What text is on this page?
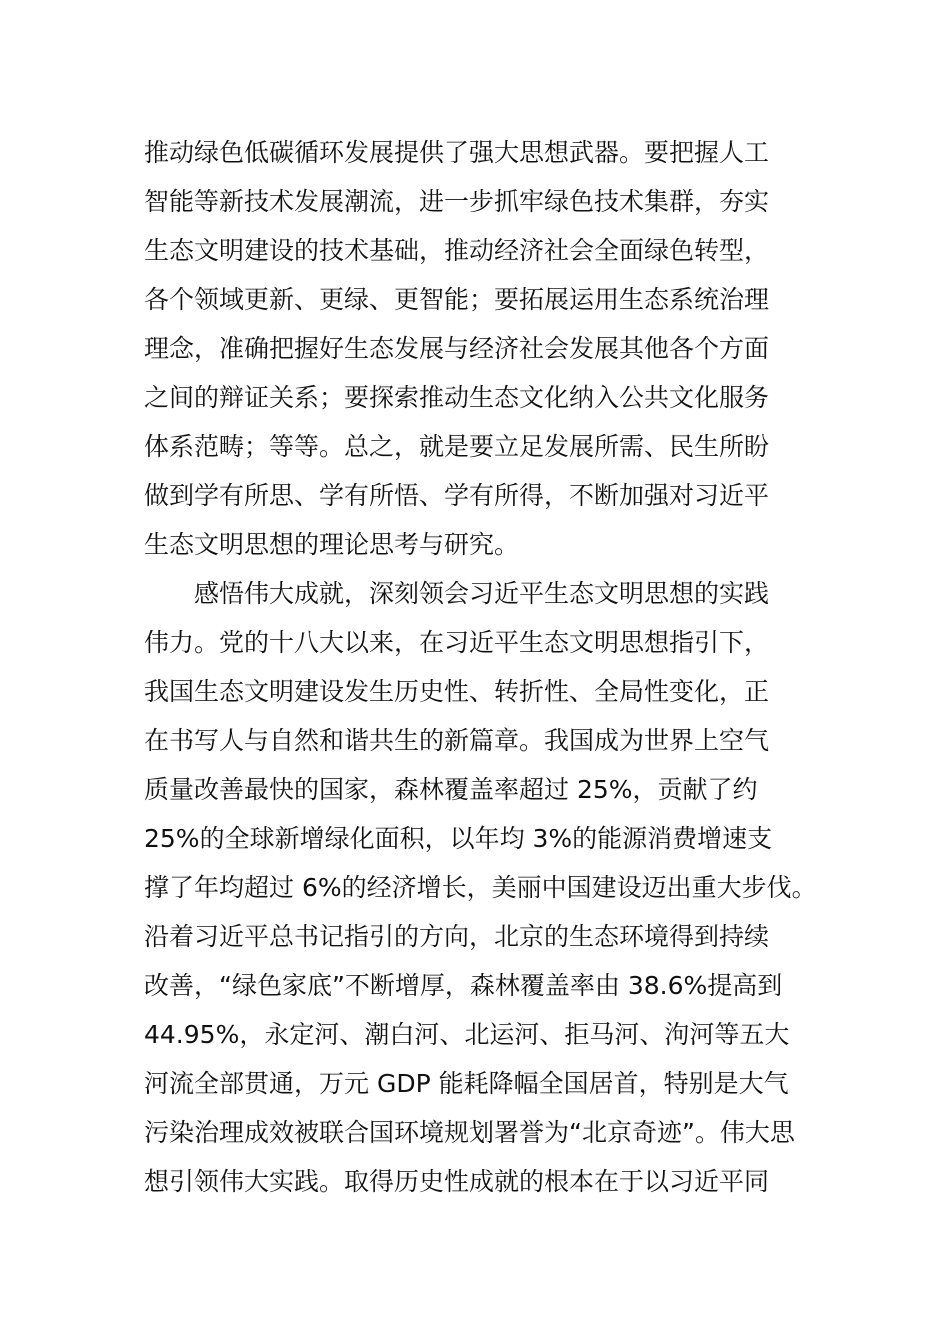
推动绿色低碳循环发展提供了强大思想武器。要把握人工
智能等新技术发展潮流，进一步抓牢绿色技术集群，夯实
生态文明建设的技术基础，推动经济社会全面绿色转型，
各个领域更新、更绿、更智能；要拓展运用生态系统治理
理念，准确把握好生态发展与经济社会发展其他各个方面
之间的辩证关系；要探索推动生态文化纳入公共文化服务
体系范畴；等等。总之，就是要立足发展所需、民生所盼
做到学有所思、学有所悟、学有所得，不断加强对习近平
生态文明思想的理论思考与研究。
感悟伟大成就，深刻领会习近平生态文明思想的实践
伟力。党的十八大以来，在习近平生态文明思想指引下，
我国生态文明建设发生历史性、转折性、全局性变化，正
在书写人与自然和谐共生的新篇章。我国成为世界上空气
质量改善最快的国家，森林覆盖率超过 25%，贡献了约
25%的全球新增绿化面积，以年均 3%的能源消费增速支
撑了年均超过 6%的经济增长，美丽中国建设迈出重大步伐。
沿着习近平总书记指引的方向，北京的生态环境得到持续
改善，“绿色家底”不断增厚，森林覆盖率由 38.6%提高到
44.95%，永定河、潮白河、北运河、拒马河、泃河等五大
河流全部贯通，万元 GDP 能耗降幅全国居首，特别是大气
污染治理成效被联合国环境规划署誉为“北京奇迹”。伟大思
想引领伟大实践。取得历史性成就的根本在于以习近平同
